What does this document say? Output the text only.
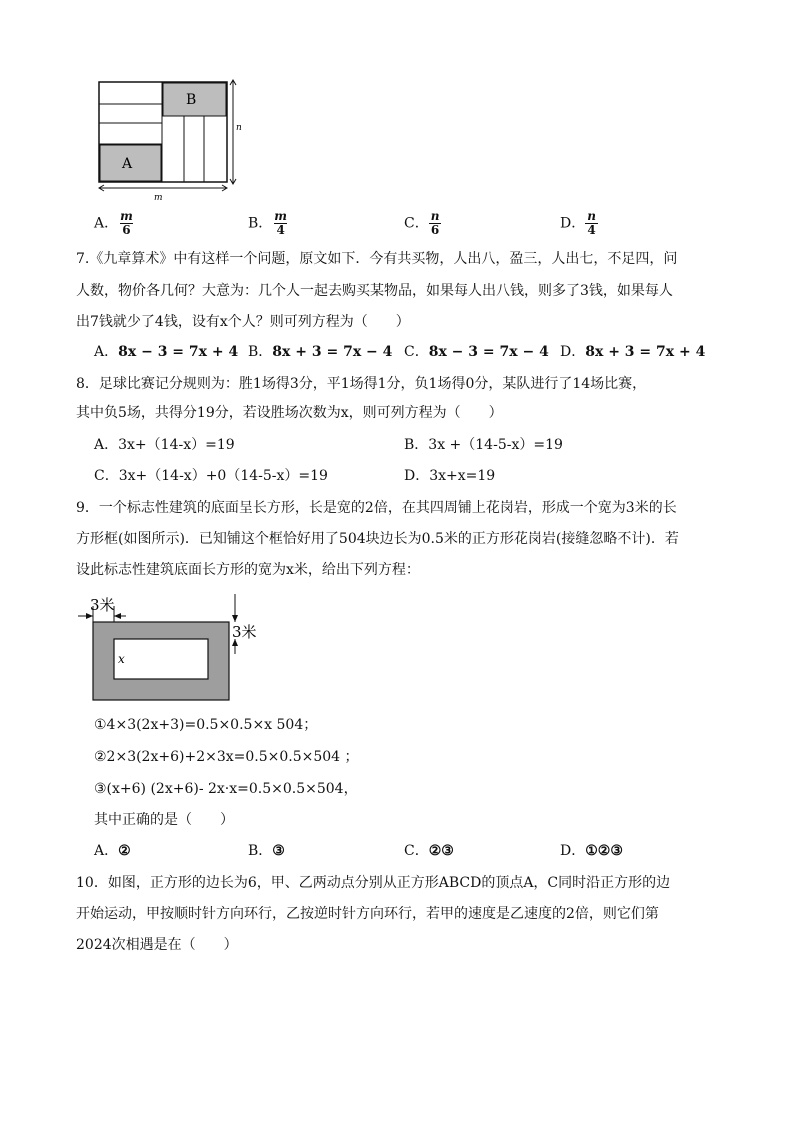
A
B
n
m
A． $\frac{m}{6}$	B． $\frac{m}{4}$	C． $\frac{n}{6}$	D． $\frac{n}{4}$
7.《九章算术》中有这样一个问题，原文如下．今有共买物，人出八，盈三，人出七，不足四，问
人数，物价各几何？大意为：几个人一起去购买某物品，如果每人出八钱，则多了3钱，如果每人
出7钱就少了4钱，设有x个人？则可列方程为（　　）
A．8x − 3 = 7x + 4 B．8x + 3 = 7x − 4 C．8x − 3 = 7x − 4 D．8x + 3 = 7x + 4
8．足球比赛记分规则为：胜1场得3分，平1场得1分，负1场得0分，某队进行了14场比赛，
其中负5场，共得分19分，若设胜场次数为x，则可列方程为（　　）
A．3x+（14-x）=19	B．3x +（14-5-x）=19
C．3x+（14-x）+0（14-5-x）=19	D．3x+x=19
9．一个标志性建筑的底面呈长方形，长是宽的2倍，在其四周铺上花岗岩，形成一个宽为3米的长
方形框(如图所示)．已知铺这个框恰好用了504块边长为0.5米的正方形花岗岩(接缝忽略不计)．若
设此标志性建筑底面长方形的宽为x米，给出下列方程：
x
3米
3米
①4×3(2x+3)=0.5×0.5×x 504；
②2×3(2x+6)+2×3x=0.5×0.5×504 ；
③(x+6) (2x+6)- 2x·x=0.5×0.5×504，
其中正确的是（　　）
A．②	B．③	C．②③	D．①②③
10．如图，正方形的边长为6，甲、乙两动点分别从正方形ABCD的顶点A，C同时沿正方形的边
开始运动，甲按顺时针方向环行，乙按逆时针方向环行，若甲的速度是乙速度的2倍，则它们第
2024次相遇是在（　　）
